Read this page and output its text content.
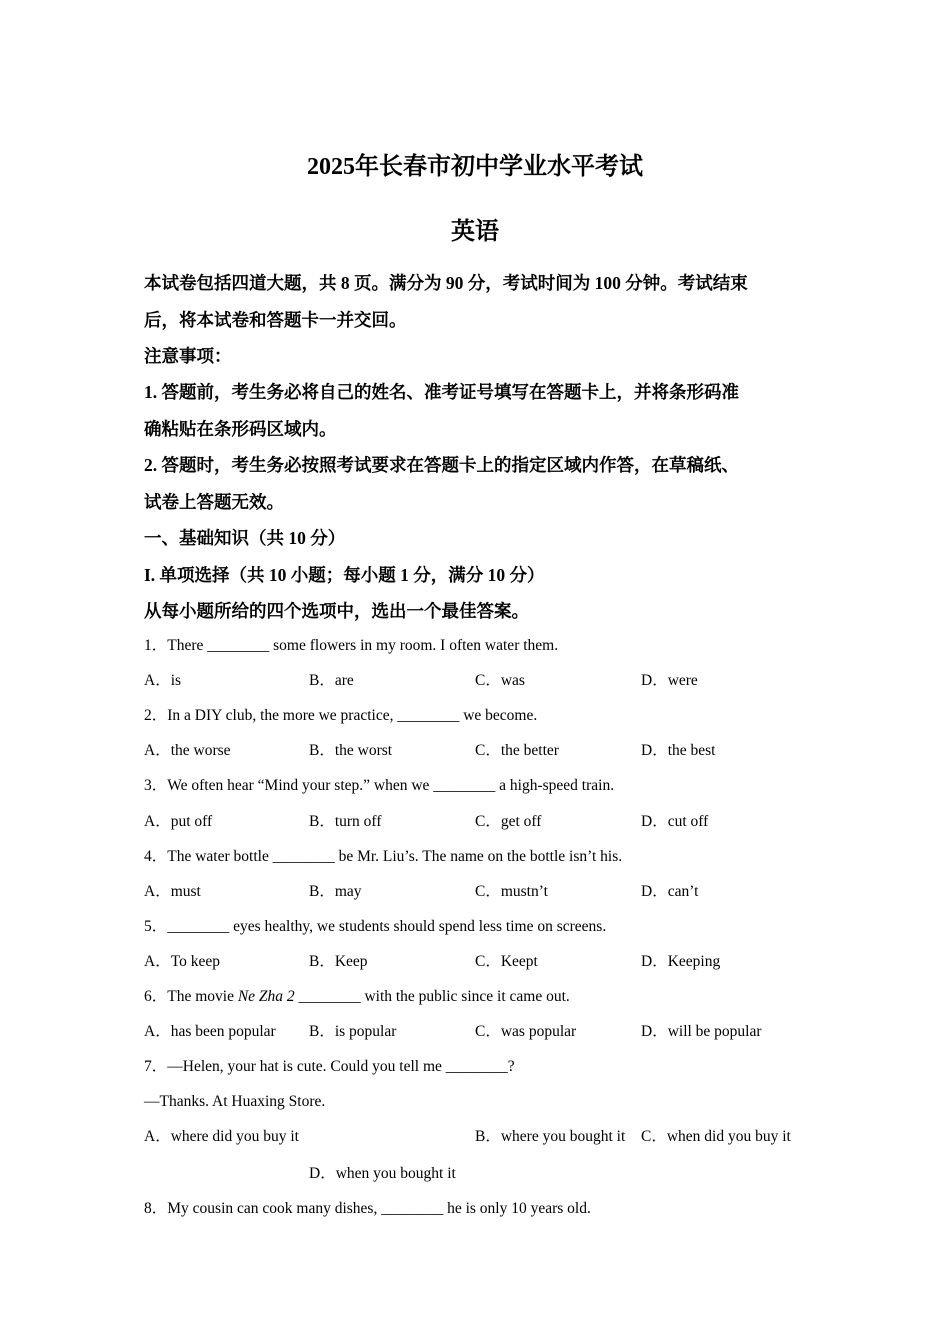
2025年长春市初中学业水平考试
英语

本试卷包括四道大题，共 8 页。满分为 90 分，考试时间为 100 分钟。考试结束

后，将本试卷和答题卡一并交回。

注意事项：

1. 答题前，考生务必将自己的姓名、准考证号填写在答题卡上，并将条形码准

确粘贴在条形码区域内。

2. 答题时，考生务必按照考试要求在答题卡上的指定区域内作答，在草稿纸、

试卷上答题无效。

一、基础知识（共 10 分）

I. 单项选择（共 10 小题；每小题 1 分，满分 10 分）

从每小题所给的四个选项中，选出一个最佳答案。

1．There ________ some flowers in my room. I often water them.

A．is	B．are	C．was	D．were

2．In a DIY club, the more we practice, ________ we become.

A．the worse	B．the worst	C．the better	D．the best

3．We often hear “Mind your step.” when we ________ a high-speed train.

A．put off	B．turn off	C．get off	D．cut off

4．The water bottle ________ be Mr. Liu’s. The name on the bottle isn’t his.

A．must	B．may	C．mustn’t	D．can’t

5．________ eyes healthy, we students should spend less time on screens.

A．To keep	B．Keep	C．Keept	D．Keeping

6．The movie Ne Zha 2 ________ with the public since it came out.

A．has been popular B．is popular	C．was popular	D．will be popular

7．—Helen, your hat is cute. Could you tell me ________?

—Thanks. At Huaxing Store.

A．where did you buy it	B．where you bought it C．when did you buy it
D．when you bought it

8．My cousin can cook many dishes, ________ he is only 10 years old.
